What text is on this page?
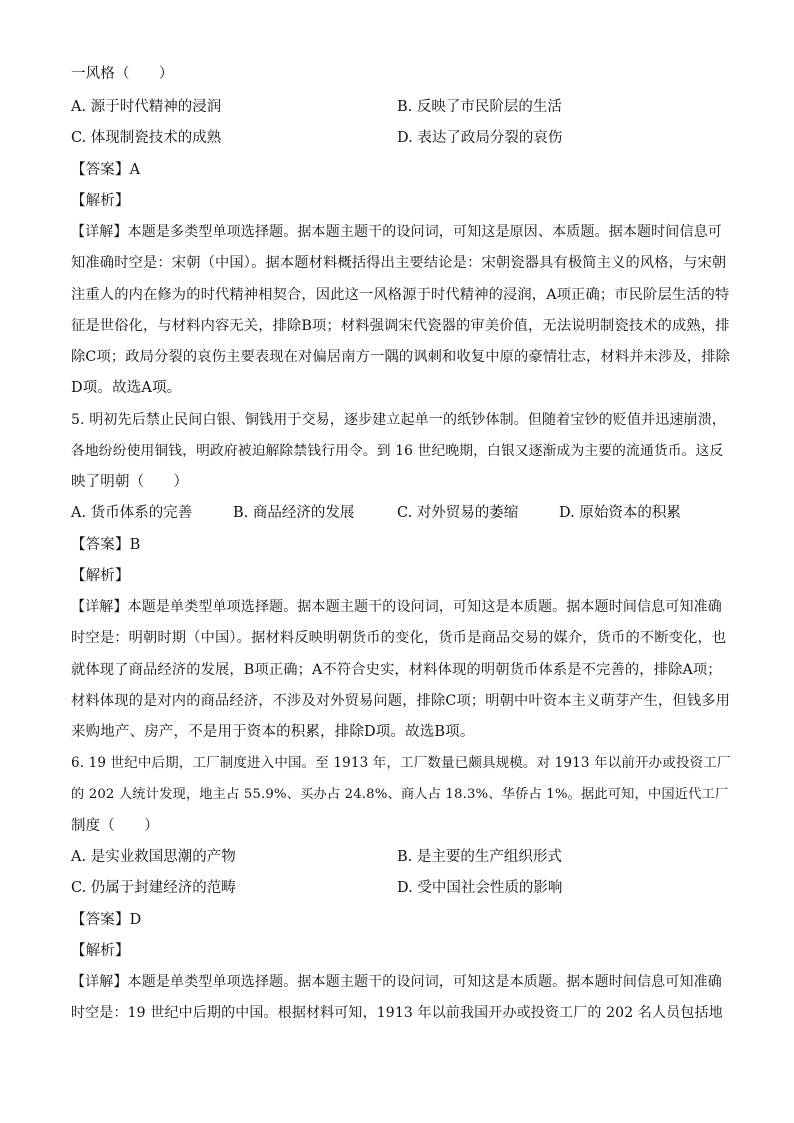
一风格（　　）
A. 源于时代精神的浸润	B. 反映了市民阶层的生活
C. 体现制瓷技术的成熟	D. 表达了政局分裂的哀伤
【答案】A
【解析】
【详解】本题是多类型单项选择题。据本题主题干的设问词，可知这是原因、本质题。据本题时间信息可
知准确时空是：宋朝（中国）。据本题材料概括得出主要结论是：宋朝瓷器具有极简主义的风格，与宋朝
注重人的内在修为的时代精神相契合，因此这一风格源于时代精神的浸润，A项正确；市民阶层生活的特
征是世俗化，与材料内容无关，排除B项；材料强调宋代瓷器的审美价值，无法说明制瓷技术的成熟，排
除C项；政局分裂的哀伤主要表现在对偏居南方一隅的讽刺和收复中原的豪情壮志，材料并未涉及，排除
D项。故选A项。
5. 明初先后禁止民间白银、铜钱用于交易，逐步建立起单一的纸钞体制。但随着宝钞的贬值并迅速崩溃，
各地纷纷使用铜钱，明政府被迫解除禁钱行用令。到 16 世纪晚期，白银又逐渐成为主要的流通货币。这反
映了明朝（　　）
A. 货币体系的完善	B. 商品经济的发展	C. 对外贸易的萎缩	D. 原始资本的积累
【答案】B
【解析】
【详解】本题是单类型单项选择题。据本题主题干的设问词，可知这是本质题。据本题时间信息可知准确
时空是：明朝时期（中国）。据材料反映明朝货币的变化，货币是商品交易的媒介，货币的不断变化，也
就体现了商品经济的发展，B项正确；A不符合史实，材料体现的明朝货币体系是不完善的，排除A项；
材料体现的是对内的商品经济，不涉及对外贸易问题，排除C项；明朝中叶资本主义萌芽产生，但钱多用
来购地产、房产，不是用于资本的积累，排除D项。故选B项。
6. 19 世纪中后期，工厂制度进入中国。至 1913 年，工厂数量已颇具规模。对 1913 年以前开办或投资工厂
的 202 人统计发现，地主占 55.9%、买办占 24.8%、商人占 18.3%、华侨占 1%。据此可知，中国近代工厂
制度（　　）
A. 是实业救国思潮的产物	B. 是主要的生产组织形式
C. 仍属于封建经济的范畴	D. 受中国社会性质的影响
【答案】D
【解析】
【详解】本题是单类型单项选择题。据本题主题干的设问词，可知这是本质题。据本题时间信息可知准确
时空是：19 世纪中后期的中国。根据材料可知，1913 年以前我国开办或投资工厂的 202 名人员包括地
